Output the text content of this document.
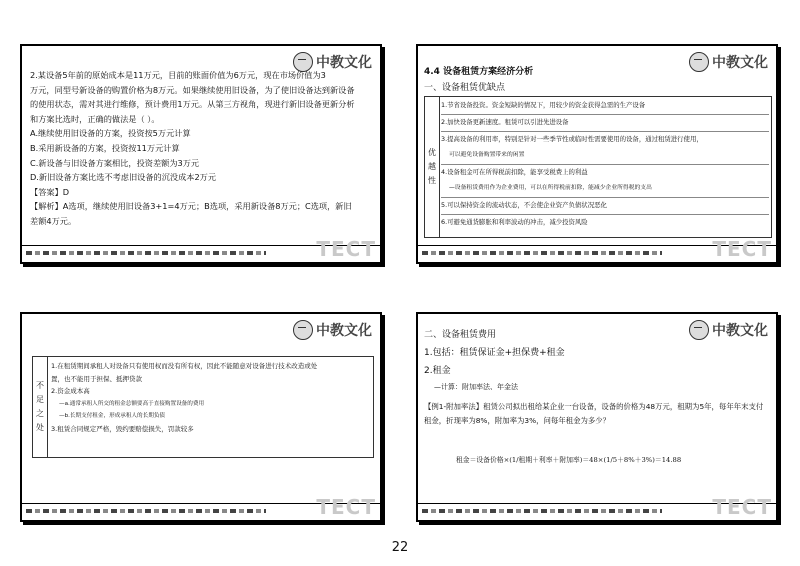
中教文化
2.某设备5年前的原始成本是11万元，目前的账面价值为6万元，现在市场价值为3
万元，同型号新设备的购置价格为8万元。如果继续使用旧设备，为了使旧设备达到新设备
的使用状态，需对其进行维修，预计费用1万元。从第三方视角，现进行新旧设备更新分析
和方案比选时，正确的做法是（ ）。
A.继续使用旧设备的方案，投资按5万元计算
B.采用新设备的方案，投资按11万元计算
C.新设备与旧设备方案相比，投资差额为3万元
D.新旧设备方案比选不考虑旧设备的沉没成本2万元
【答案】D
【解析】A选项，继续使用旧设备3+1=4万元；B选项，采用新设备8万元；C选项，新旧
差额4万元。
TECT
中教文化
4.4 设备租赁方案经济分析
一、设备租赁优缺点
优
越
性
1.节省设备投资。资金短缺的情况下，用较少的资金获得急需的生产设备
2.加快设备更新速度。租赁可以引进先进设备
3.提高设备的利用率，特别是针对一些季节性或临时性需要使用的设备，通过租赁进行使用，
可以避免设备购置带来的闲置
4.设备租金可在所得税前扣除，能享受税费上的利益
—设备租赁费用作为企业费用，可以在所得税前扣除，能减少企业所得税的支出
5.可以保持资金的流动状态，不会使企业资产负债状况恶化
6.可避免通货膨胀和利率波动的冲击，减少投资风险
TECT
中教文化
不
足
之
处
1.在租赁期间承租人对设备只有使用权而没有所有权，因此不能随意对设备进行技术改造或处
置，也不能用于担保、抵押贷款
2.资金成本高
—a.通常承租人所交的租金总额要高于直接购置设备的费用
—b.长期支付租金，形成承租人的长期负债
3.租赁合同规定严格，毁约要赔偿损失，罚款较多
TECT
中教文化
二、设备租赁费用
1.包括：租赁保证金+担保费+租金
2.租金
—计算：附加率法、年金法
【例1-附加率法】租赁公司拟出租给某企业一台设备，设备的价格为48万元，租期为5年，每年年末支付租金，折现率为8%，附加率为3%，问每年租金为多少？
租金＝设备价格×(1/租期＋利率＋附加率)＝48×(1/5＋8%＋3%)＝14.88
TECT
22
